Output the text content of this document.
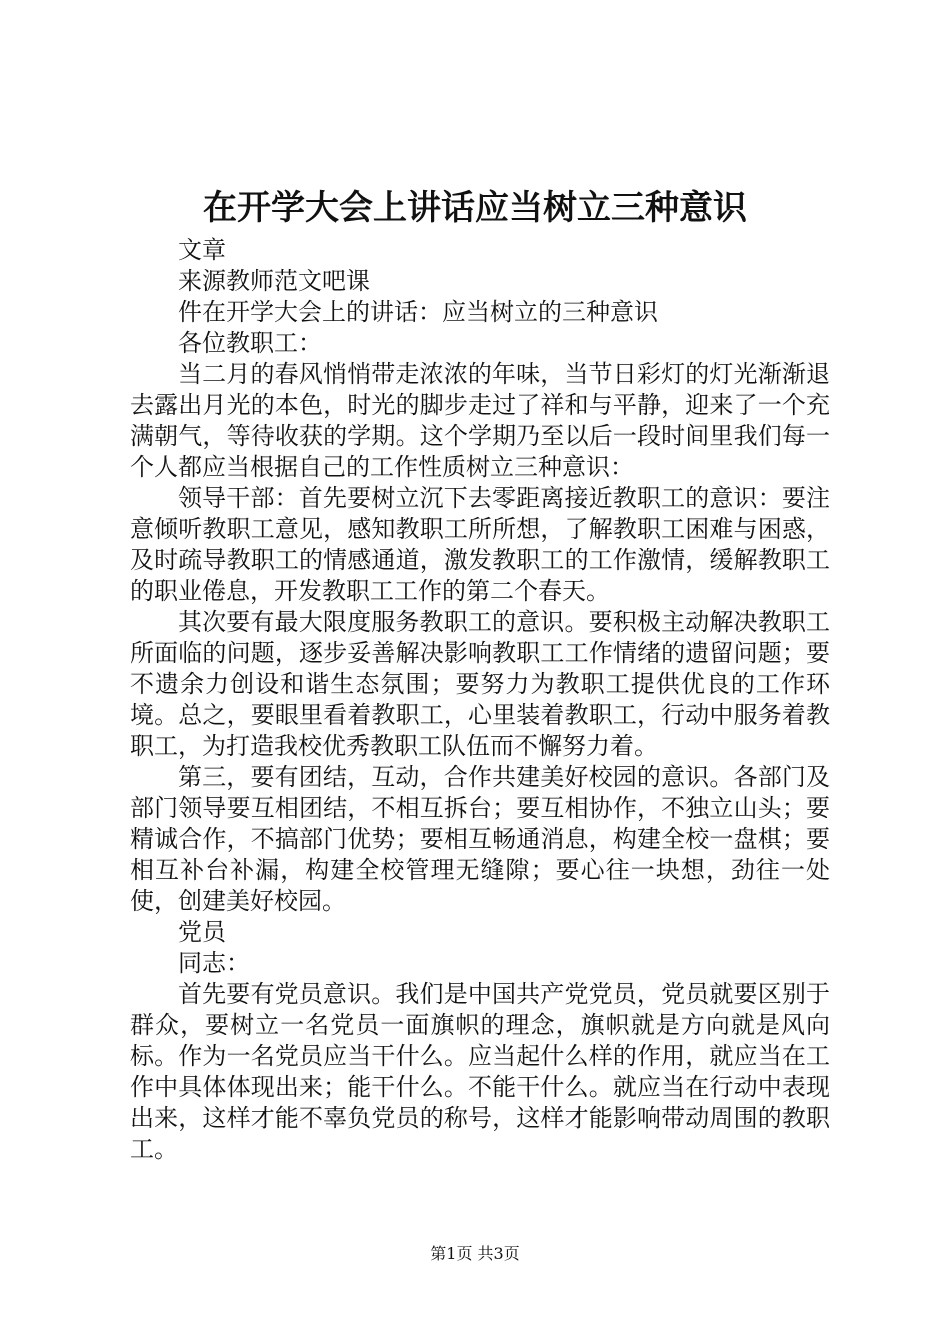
在开学大会上讲话应当树立三种意识

文章

来源教师范文吧课

件在开学大会上的讲话：应当树立的三种意识

各位教职工：

当二月的春风悄悄带走浓浓的年味，当节日彩灯的灯光渐渐退去露出月光的本色，时光的脚步走过了祥和与平静，迎来了一个充满朝气，等待收获的学期。这个学期乃至以后一段时间里我们每一个人都应当根据自己的工作性质树立三种意识：

领导干部：首先要树立沉下去零距离接近教职工的意识：要注意倾听教职工意见，感知教职工所所想，了解教职工困难与困惑，及时疏导教职工的情感通道，激发教职工的工作激情，缓解教职工的职业倦息，开发教职工工作的第二个春天。

其次要有最大限度服务教职工的意识。要积极主动解决教职工所面临的问题，逐步妥善解决影响教职工工作情绪的遗留问题；要不遗余力创设和谐生态氛围；要努力为教职工提供优良的工作环境。总之，要眼里看着教职工，心里装着教职工，行动中服务着教职工，为打造我校优秀教职工队伍而不懈努力着。

第三，要有团结，互动，合作共建美好校园的意识。各部门及部门领导要互相团结，不相互拆台；要互相协作，不独立山头；要精诚合作，不搞部门优势；要相互畅通消息，构建全校一盘棋；要相互补台补漏，构建全校管理无缝隙；要心往一块想，劲往一处使，创建美好校园。

党员

同志：

首先要有党员意识。我们是中国共产党党员，党员就要区别于群众，要树立一名党员一面旗帜的理念，旗帜就是方向就是风向标。作为一名党员应当干什么。应当起什么样的作用，就应当在工作中具体体现出来；能干什么。不能干什么。就应当在行动中表现出来，这样才能不辜负党员的称号，这样才能影响带动周围的教职工。

第1页 共3页
